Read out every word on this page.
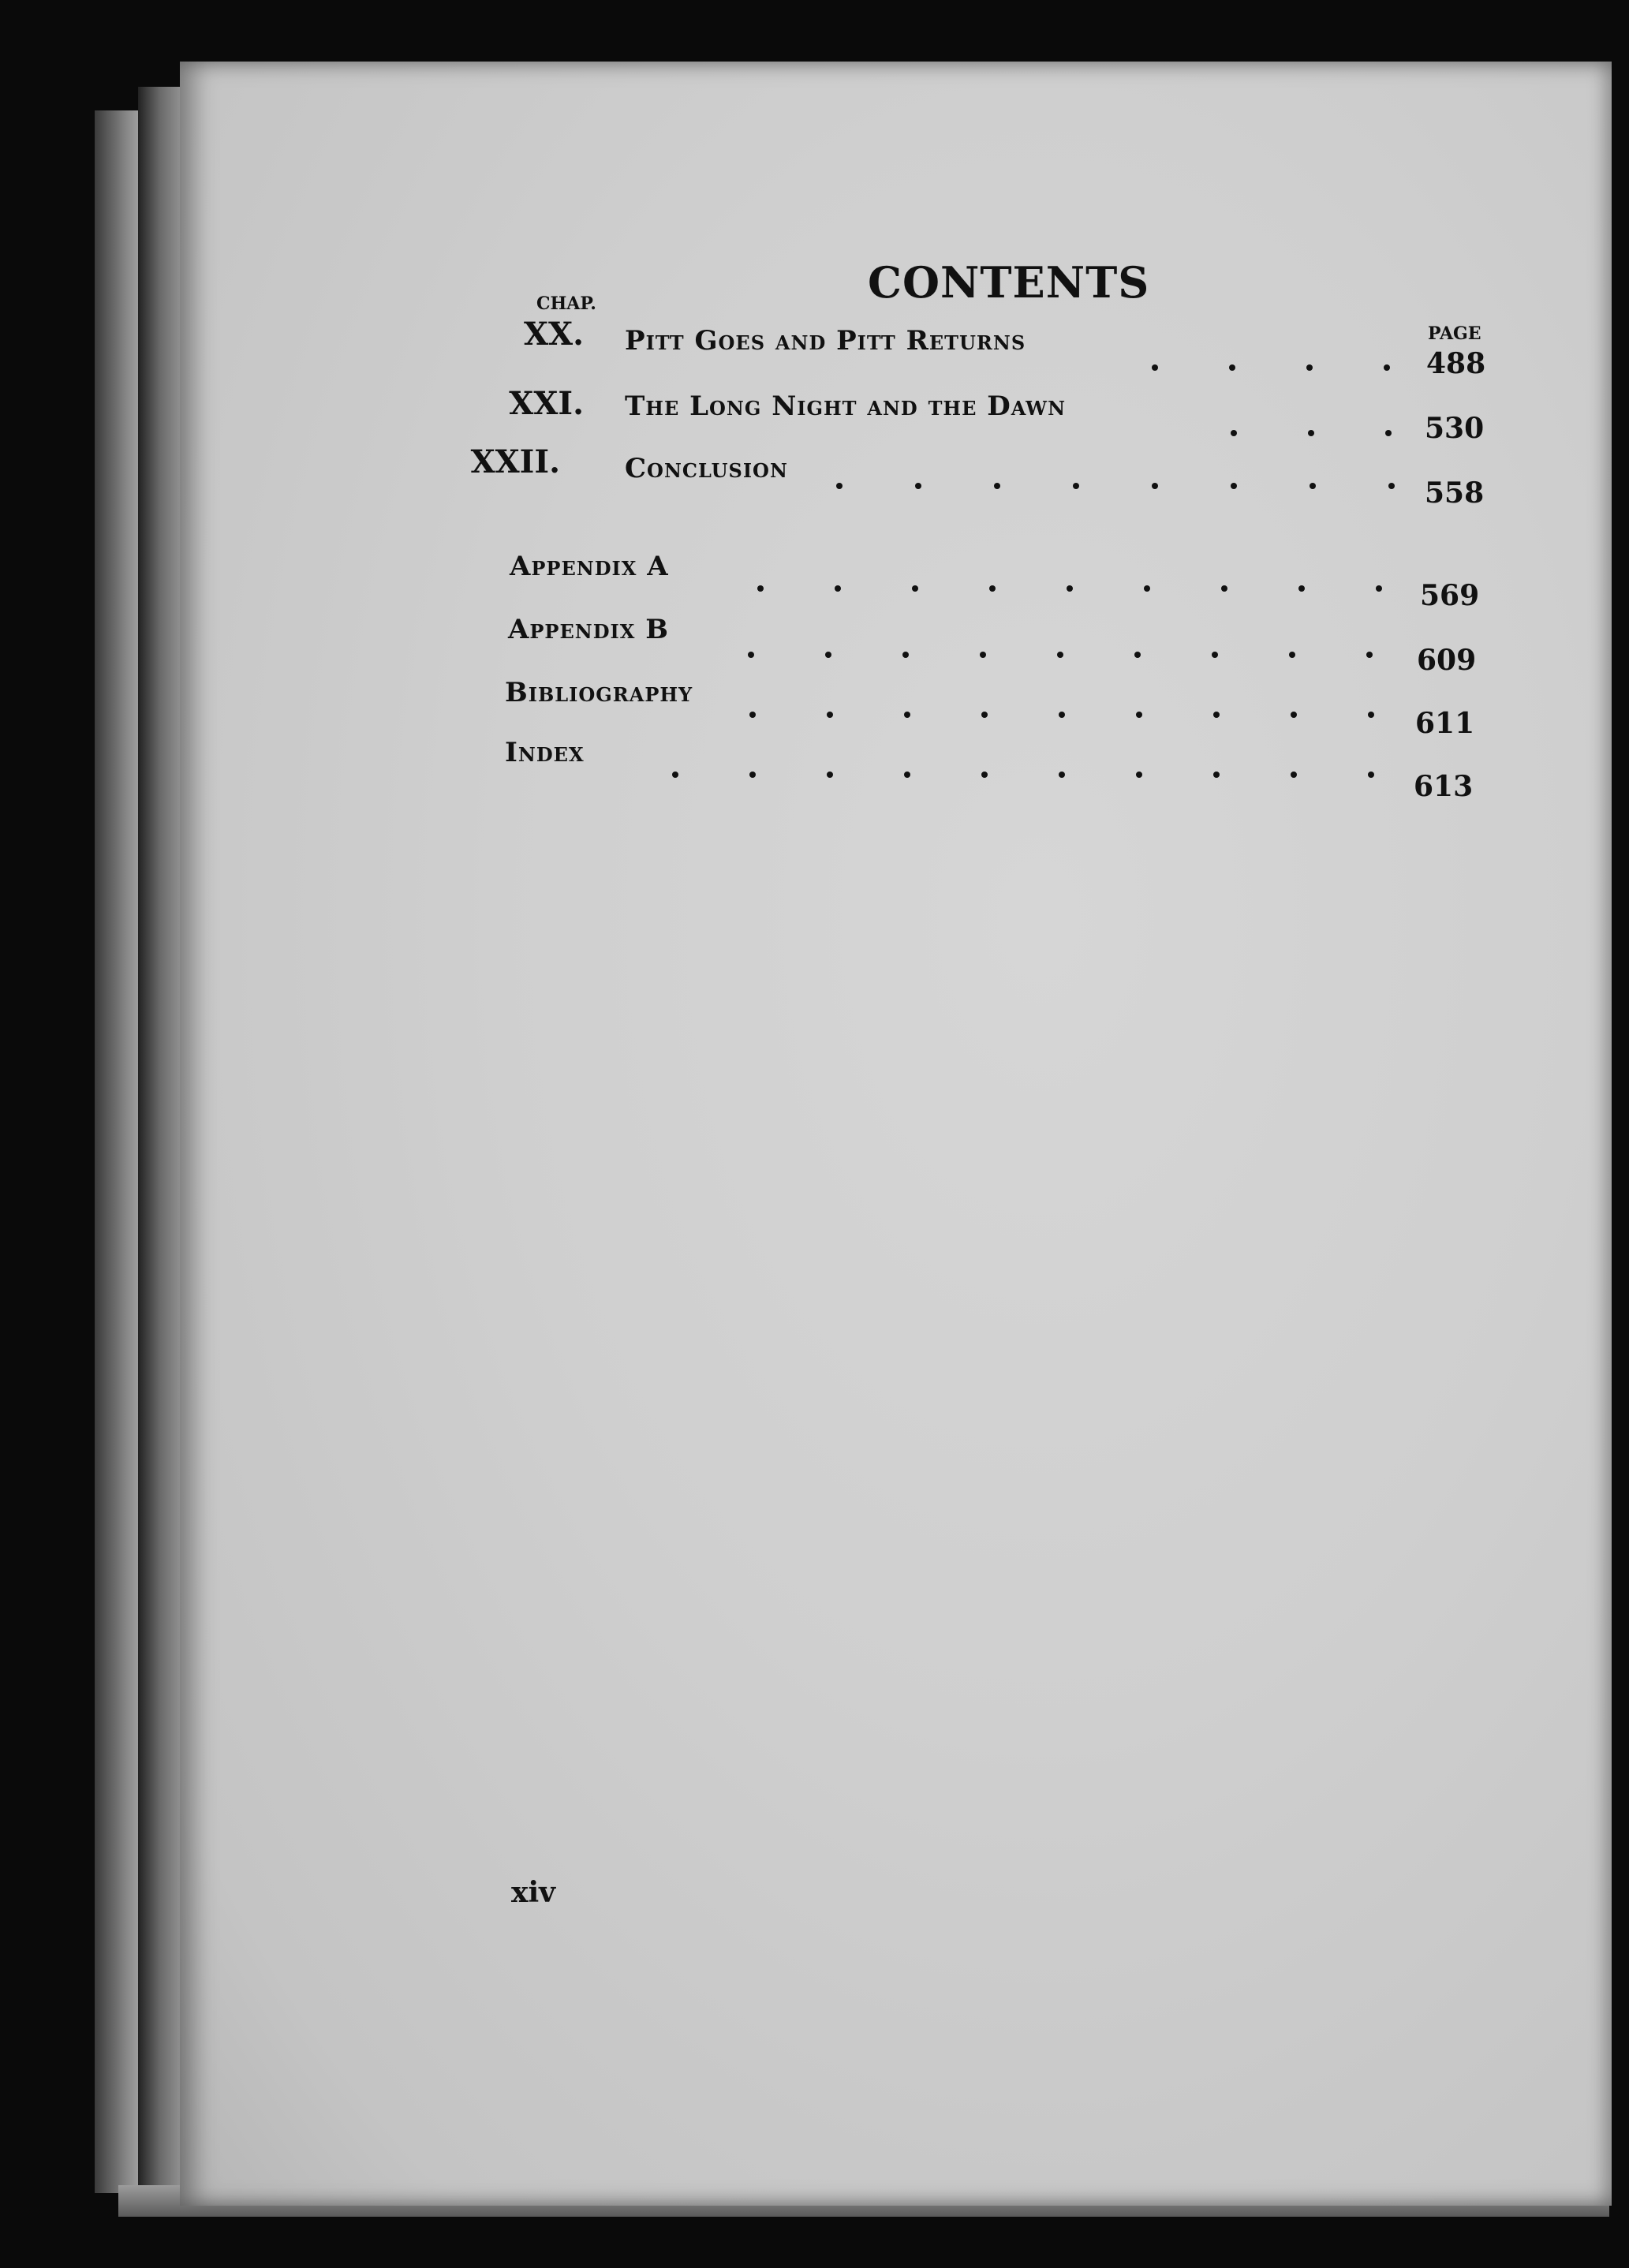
CONTENTS
CHAP.
PAGE
XX. Pitt Goes and Pitt Returns
488
XXI. The Long Night and the Dawn
530
XXII. Conclusion
558
Appendix A
569
Appendix B
609
Bibliography
611
Index
613
xiv
